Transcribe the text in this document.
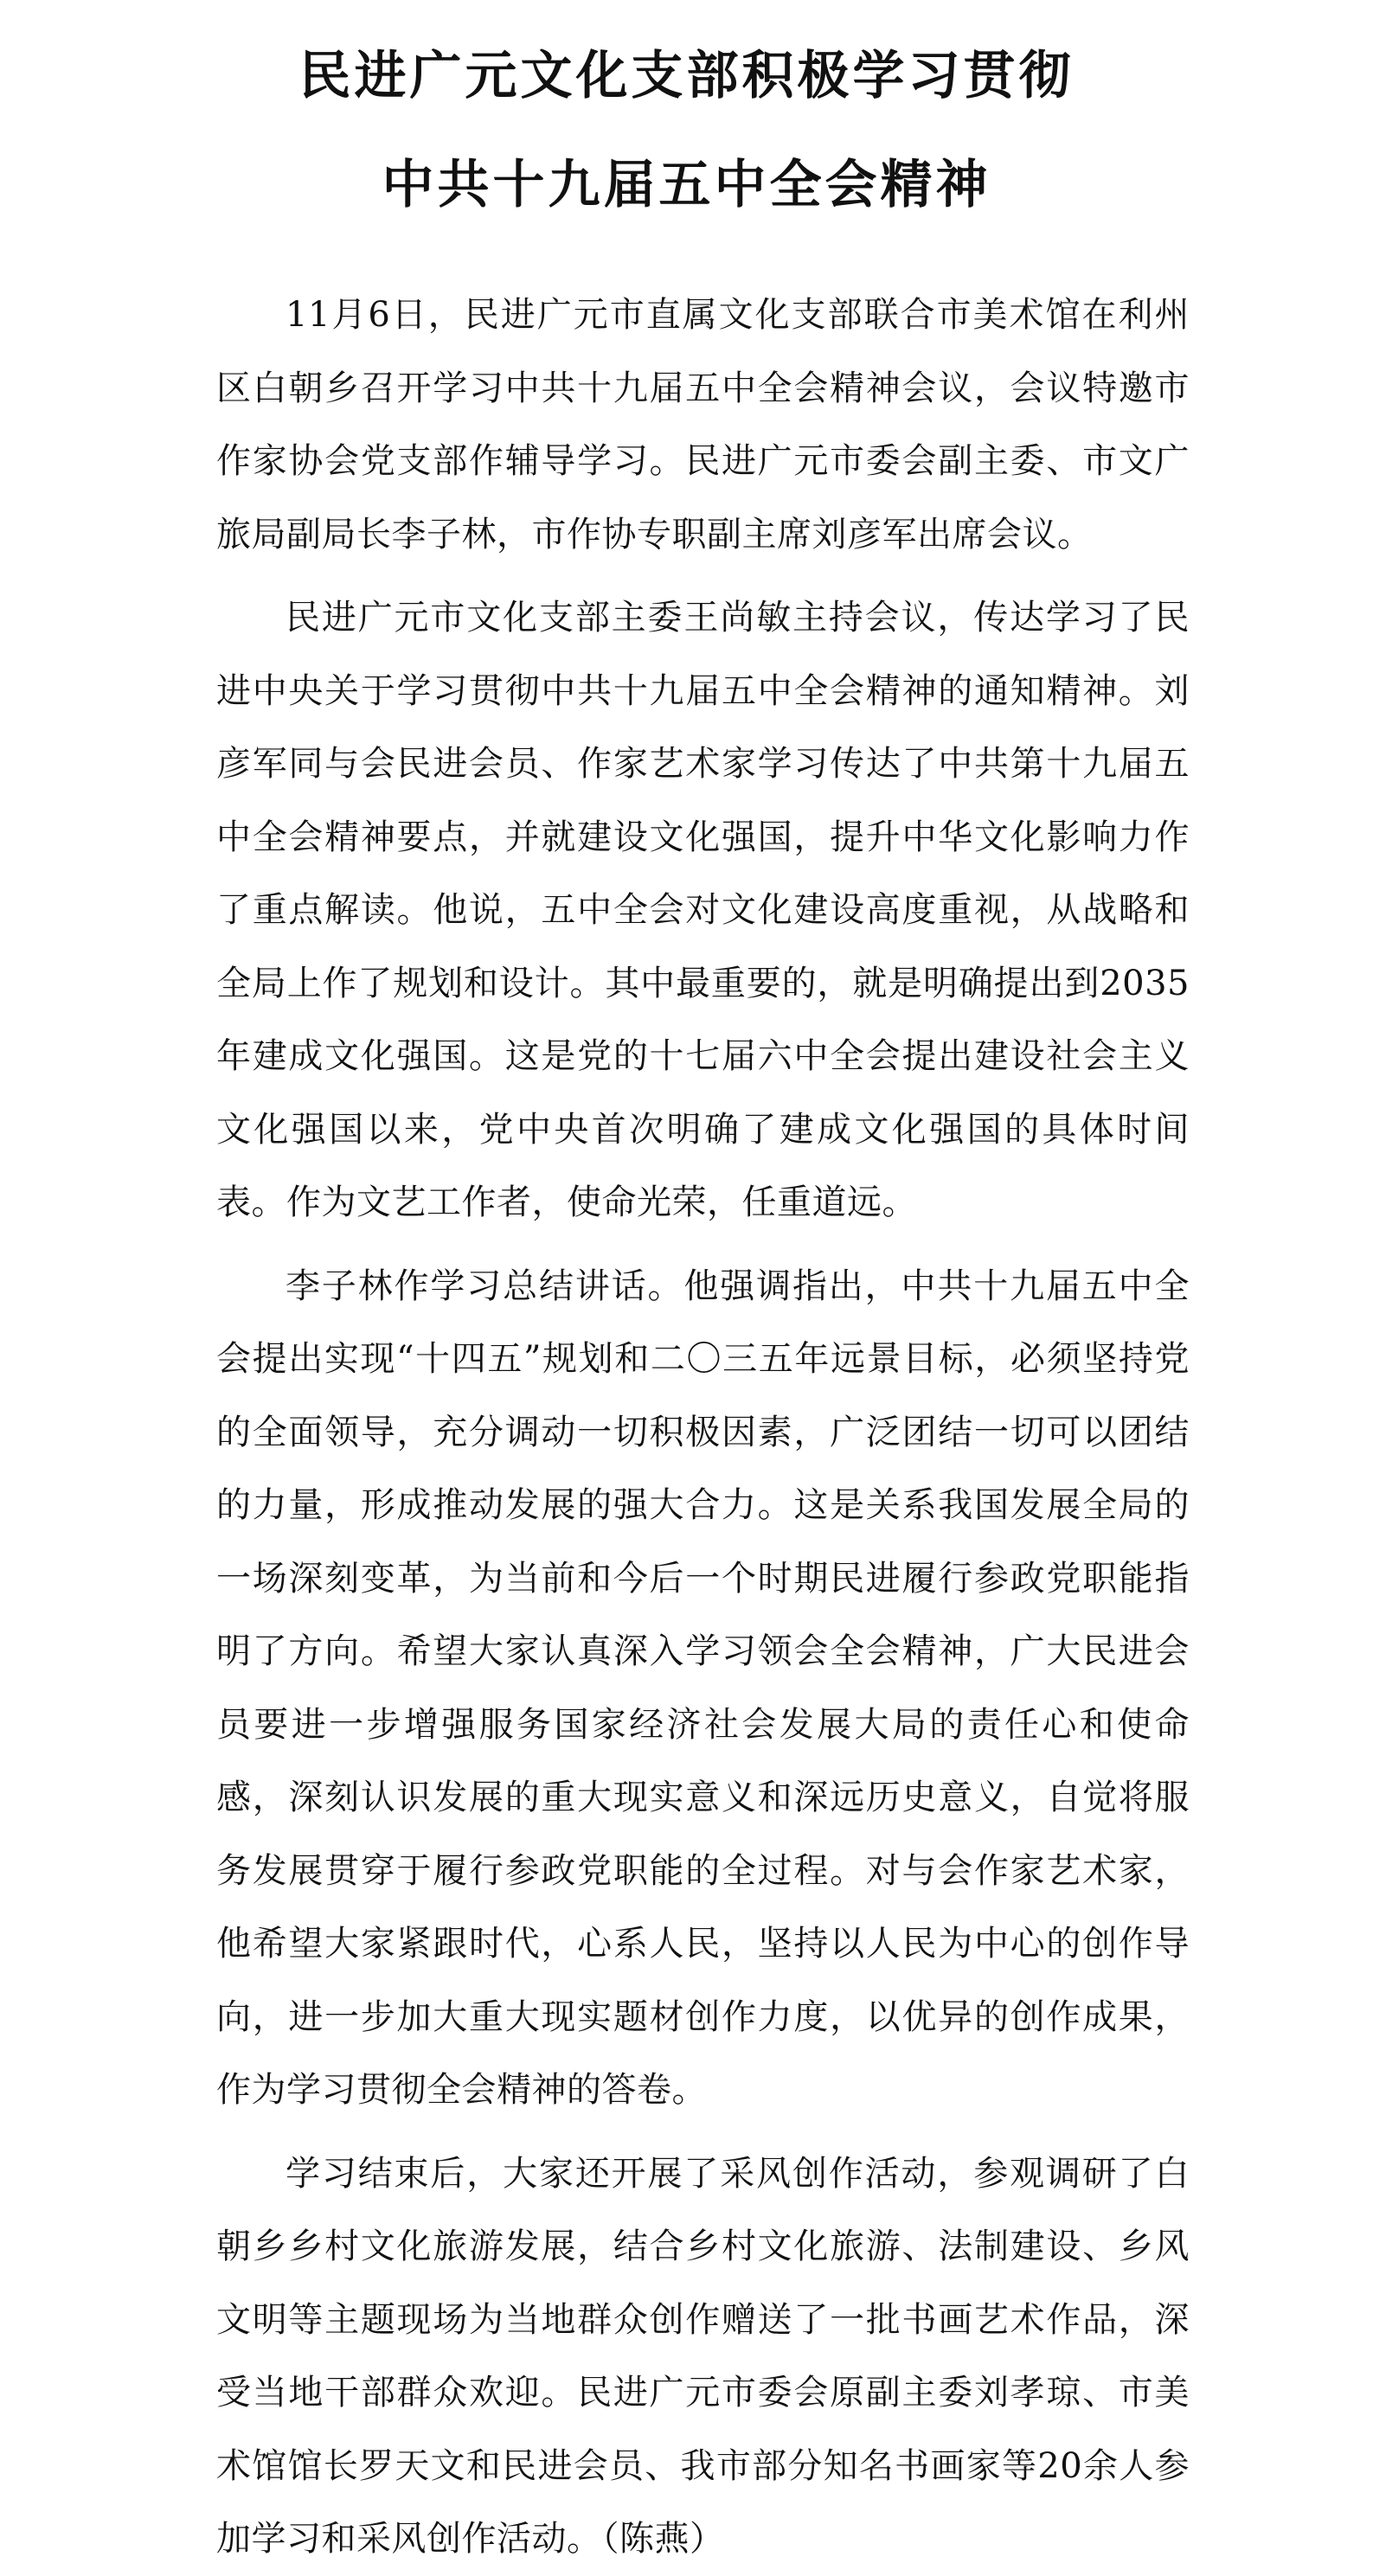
民进广元文化支部积极学习贯彻
中共十九届五中全会精神

11月6日，民进广元市直属文化支部联合市美术馆在利州区白朝乡召开学习中共十九届五中全会精神会议，会议特邀市作家协会党支部作辅导学习。民进广元市委会副主委、市文广旅局副局长李子林，市作协专职副主席刘彦军出席会议。

民进广元市文化支部主委王尚敏主持会议，传达学习了民进中央关于学习贯彻中共十九届五中全会精神的通知精神。刘彦军同与会民进会员、作家艺术家学习传达了中共第十九届五中全会精神要点，并就建设文化强国，提升中华文化影响力作了重点解读。他说，五中全会对文化建设高度重视，从战略和全局上作了规划和设计。其中最重要的，就是明确提出到2035年建成文化强国。这是党的十七届六中全会提出建设社会主义文化强国以来，党中央首次明确了建成文化强国的具体时间表。作为文艺工作者，使命光荣，任重道远。

李子林作学习总结讲话。他强调指出，中共十九届五中全会提出实现“十四五”规划和二〇三五年远景目标，必须坚持党的全面领导，充分调动一切积极因素，广泛团结一切可以团结的力量，形成推动发展的强大合力。这是关系我国发展全局的一场深刻变革，为当前和今后一个时期民进履行参政党职能指明了方向。希望大家认真深入学习领会全会精神，广大民进会员要进一步增强服务国家经济社会发展大局的责任心和使命感，深刻认识发展的重大现实意义和深远历史意义，自觉将服务发展贯穿于履行参政党职能的全过程。对与会作家艺术家，他希望大家紧跟时代，心系人民，坚持以人民为中心的创作导向，进一步加大重大现实题材创作力度，以优异的创作成果，作为学习贯彻全会精神的答卷。

学习结束后，大家还开展了采风创作活动，参观调研了白朝乡乡村文化旅游发展，结合乡村文化旅游、法制建设、乡风文明等主题现场为当地群众创作赠送了一批书画艺术作品，深受当地干部群众欢迎。民进广元市委会原副主委刘孝琼、市美术馆馆长罗天文和民进会员、我市部分知名书画家等20余人参加学习和采风创作活动。（陈燕）
